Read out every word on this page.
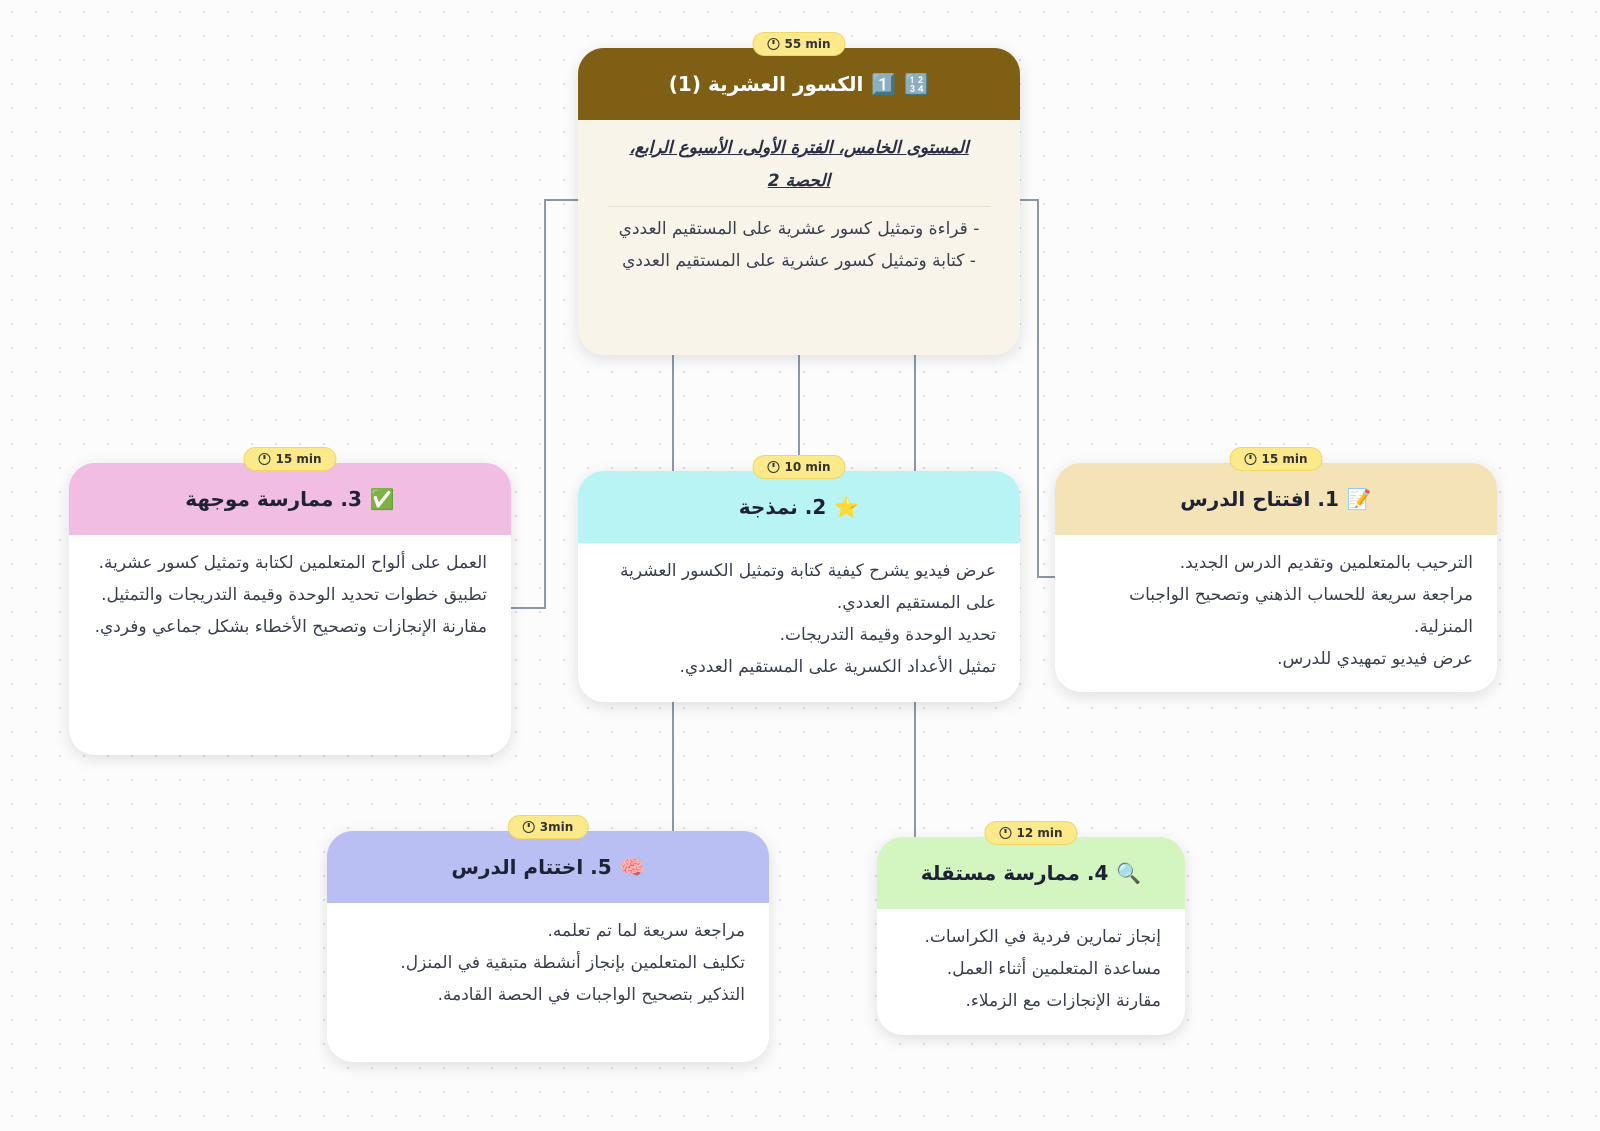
55 min
🔢
1️⃣
الكسور العشرية (1)
المستوى الخامس، الفترة الأولى، الأسبوع الرابع، الحصة 2
- قراءة وتمثيل كسور عشرية على المستقيم العددي
- كتابة وتمثيل كسور عشرية على المستقيم العددي
15 min
📝
1. افتتاح الدرس
الترحيب بالمتعلمين وتقديم الدرس الجديد.
مراجعة سريعة للحساب الذهني وتصحيح الواجبات المنزلية.
عرض فيديو تمهيدي للدرس.
10 min
⭐
2. نمذجة
عرض فيديو يشرح كيفية كتابة وتمثيل الكسور العشرية على المستقيم العددي.
تحديد الوحدة وقيمة التدريجات.
تمثيل الأعداد الكسرية على المستقيم العددي.
15 min
✅
3. ممارسة موجهة
العمل على ألواح المتعلمين لكتابة وتمثيل كسور عشرية.
تطبيق خطوات تحديد الوحدة وقيمة التدريجات والتمثيل.
مقارنة الإنجازات وتصحيح الأخطاء بشكل جماعي وفردي.
12 min
🔍
4. ممارسة مستقلة
إنجاز تمارين فردية في الكراسات.
مساعدة المتعلمين أثناء العمل.
مقارنة الإنجازات مع الزملاء.
3min
🧠
5. اختتام الدرس
مراجعة سريعة لما تم تعلمه.
تكليف المتعلمين بإنجاز أنشطة متبقية في المنزل.
التذكير بتصحيح الواجبات في الحصة القادمة.
